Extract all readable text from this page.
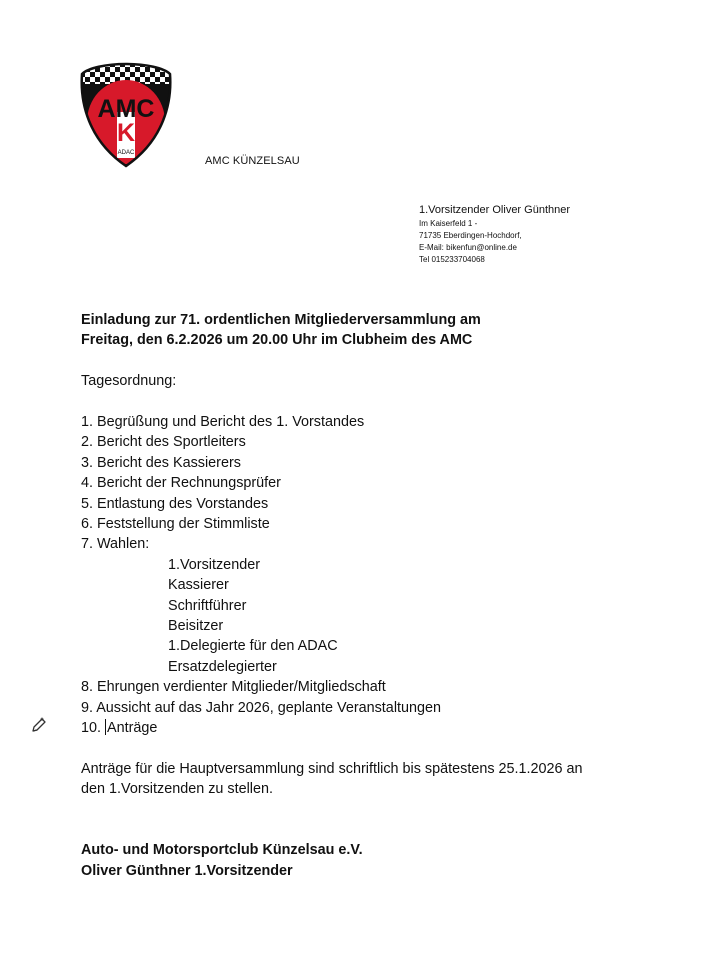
AMC
K
ADAC
AMC KÜNZELSAU
1.Vorsitzender Oliver Günthner
Im Kaiserfeld 1 -
71735 Eberdingen-Hochdorf,
E-Mail: bikenfun@online.de
Tel 015233704068
Einladung zur 71. ordentlichen Mitgliederversammlung am
Freitag, den 6.2.2026 um 20.00 Uhr im Clubheim des AMC
Tagesordnung:
1. Begrüßung und Bericht des 1. Vorstandes
2. Bericht des Sportleiters
3. Bericht des Kassierers
4. Bericht der Rechnungsprüfer
5. Entlastung des Vorstandes
6. Feststellung der Stimmliste
7. Wahlen:
1.Vorsitzender
Kassierer
Schriftführer
Beisitzer
1.Delegierte für den ADAC
Ersatzdelegierter
8. Ehrungen verdienter Mitglieder/Mitgliedschaft
9. Aussicht auf das Jahr 2026, geplante Veranstaltungen
10. Anträge
Anträge für die Hauptversammlung sind schriftlich bis spätestens 25.1.2026 an
den 1.Vorsitzenden zu stellen.
Auto- und Motorsportclub Künzelsau e.V.
Oliver Günthner 1.Vorsitzender
